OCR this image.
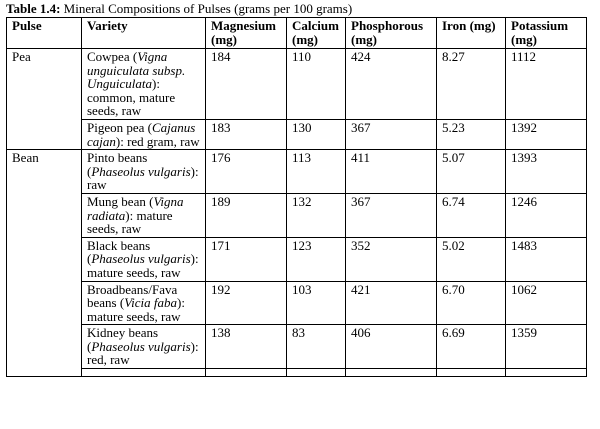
Table 1.4: Mineral Compositions of Pulses (grams per 100 grams)
Pulse	Variety	Magnesium (mg)	Calcium (mg)	Phosphorous (mg)	Iron (mg)	Potassium (mg)
Pea	Cowpea (Vigna unguiculata subsp. Unguiculata): common, mature seeds, raw	184	110	424	8.27	1112
	Pigeon pea (Cajanus cajan): red gram, raw	183	130	367	5.23	1392
Bean	Pinto beans (Phaseolus vulgaris): raw	176	113	411	5.07	1393
	Mung bean (Vigna radiata): mature seeds, raw	189	132	367	6.74	1246
	Black beans (Phaseolus vulgaris): mature seeds, raw	171	123	352	5.02	1483
	Broadbeans/Fava beans (Vicia faba): mature seeds, raw	192	103	421	6.70	1062
	Kidney beans (Phaseolus vulgaris): red, raw	138	83	406	6.69	1359
